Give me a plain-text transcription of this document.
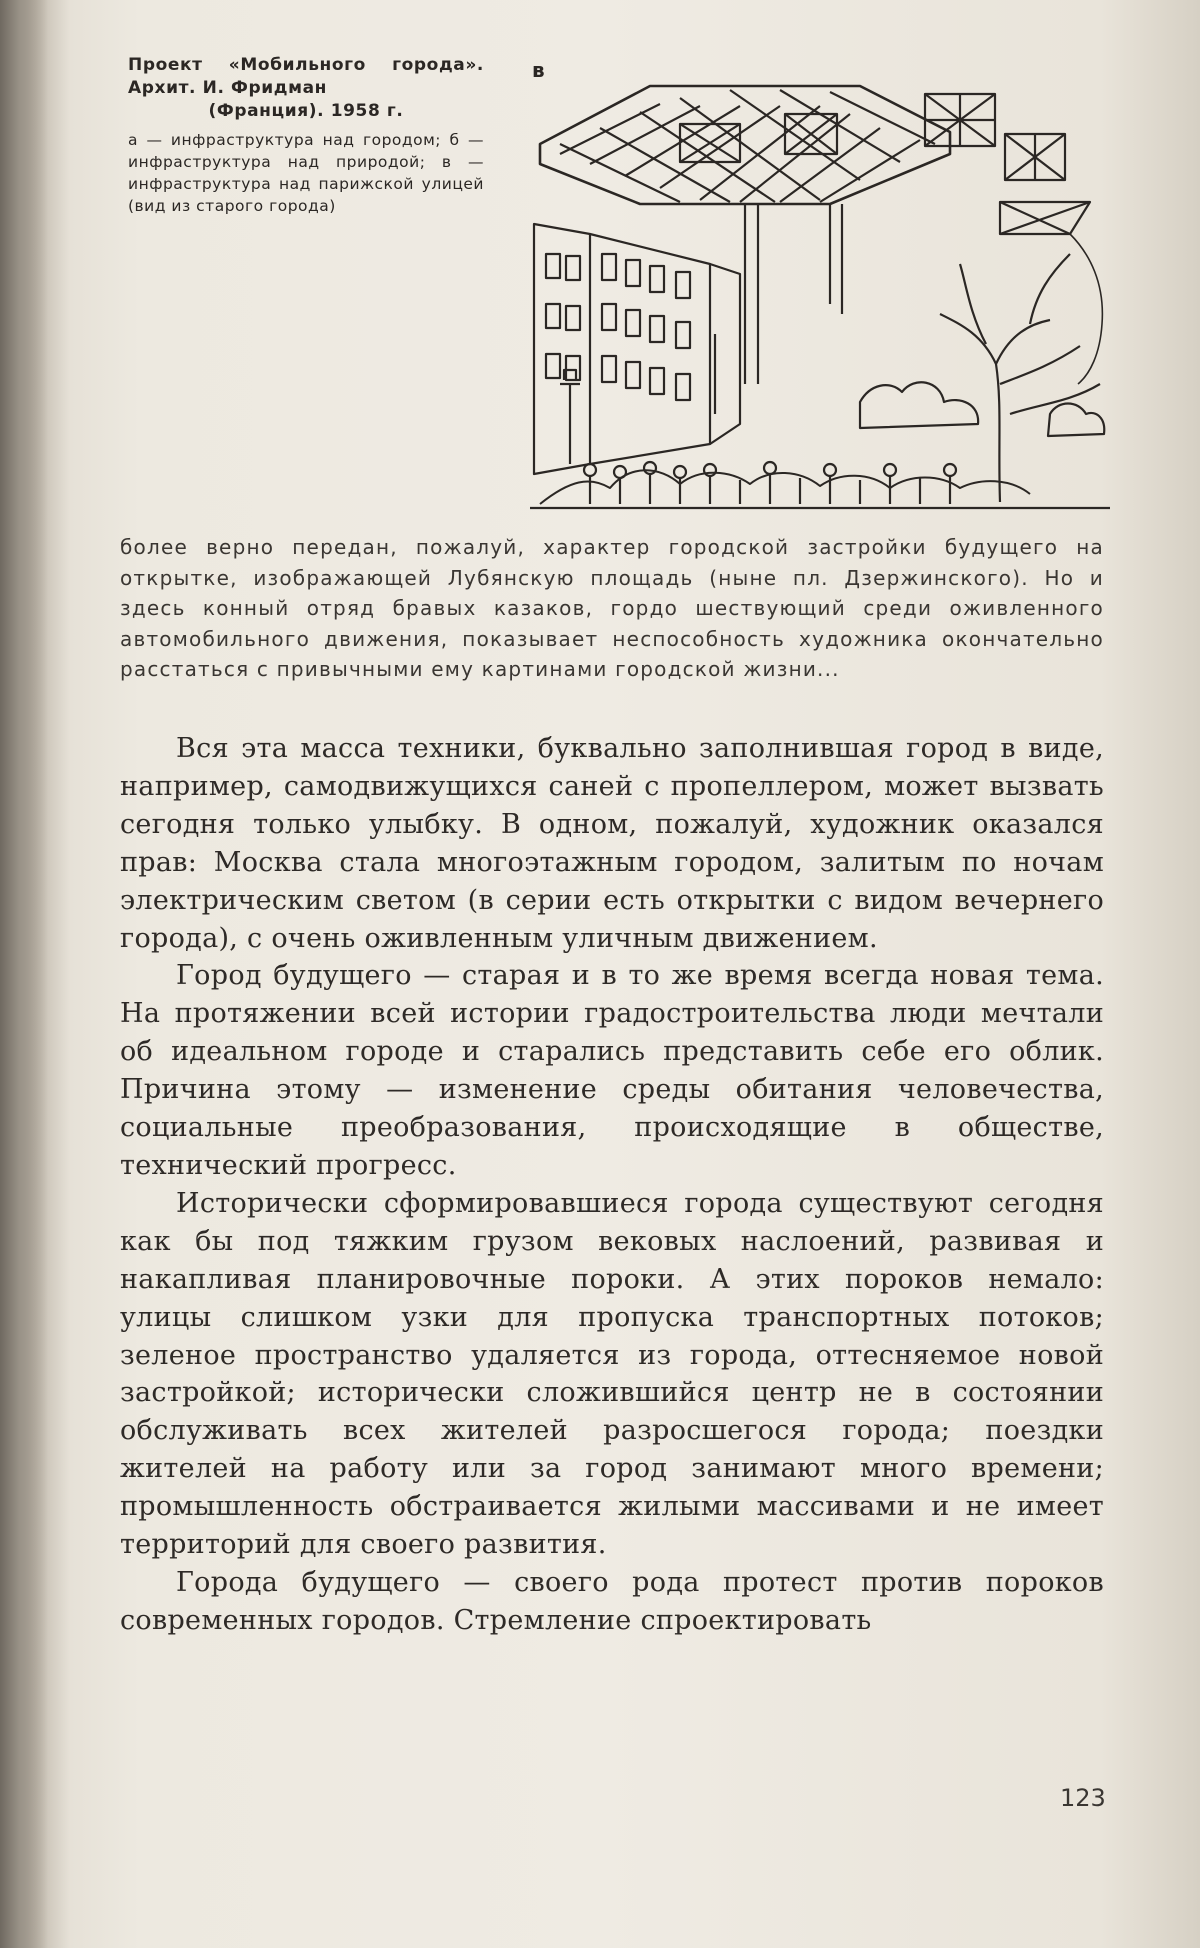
Проект «Мобильного города». Архит. И. Фридман
(Франция). 1958 г.

а — инфраструктура над городом; б — инфраструктура над природой; в — инфраструктура над парижской улицей (вид из старого города)

в

более верно передан, пожалуй, характер городской застройки будущего на открытке, изображающей Лубянскую площадь (ныне пл. Дзержинского). Но и здесь конный отряд бравых казаков, гордо шествующий среди оживленного автомобильного движения, показывает неспособность художника окончательно расстаться с привычными ему картинами городской жизни...

Вся эта масса техники, буквально заполнившая город в виде, например, самодвижущихся саней с пропеллером, может вызвать сегодня только улыбку. В одном, пожалуй, художник оказался прав: Москва стала многоэтажным городом, залитым по ночам электрическим светом (в серии есть открытки с видом вечернего города), с очень оживленным уличным движением.

Город будущего — старая и в то же время всегда новая тема. На протяжении всей истории градостроительства люди мечтали об идеальном городе и старались представить себе его облик. Причина этому — изменение среды обитания человечества, социальные преобразования, происходящие в обществе, технический прогресс.

Исторически сформировавшиеся города существуют сегодня как бы под тяжким грузом вековых наслоений, развивая и накапливая планировочные пороки. А этих пороков немало: улицы слишком узки для пропуска транспортных потоков; зеленое пространство удаляется из города, оттесняемое новой застройкой; исторически сложившийся центр не в состоянии обслуживать всех жителей разросшегося города; поездки жителей на работу или за город занимают много времени; промышленность обстраивается жилыми массивами и не имеет территорий для своего развития.

Города будущего — своего рода протест против пороков современных городов. Стремление спроектировать

123
